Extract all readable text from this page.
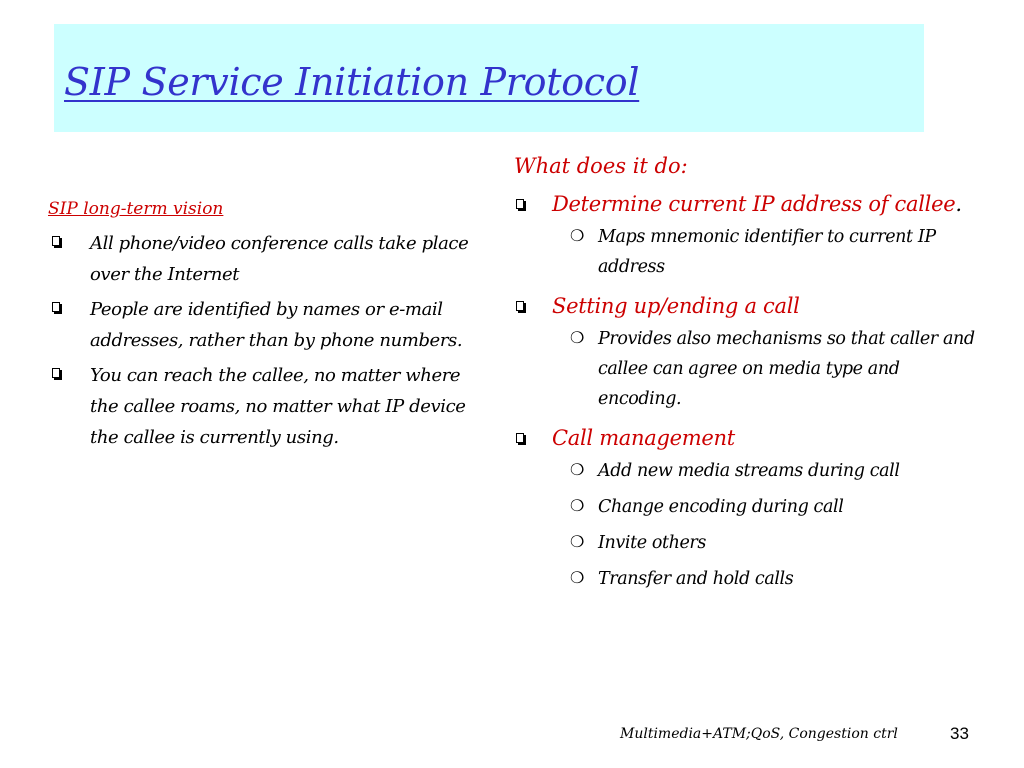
SIP Service Initiation Protocol
SIP long-term vision
All phone/video conference calls take place over the Internet
People are identified by names or e-mail addresses, rather than by phone numbers.
You can reach the callee, no matter where the callee roams, no matter what IP device the callee is currently using.
What does it do:
Determine current IP address of callee.
❍ Maps mnemonic identifier to current IP address
Setting up/ending a call
❍ Provides also mechanisms so that caller and callee can agree on media type and encoding.
Call management
❍ Add new media streams during call
❍ Change encoding during call
❍ Invite others
❍ Transfer and hold calls
Multimedia+ATM;QoS, Congestion ctrl	33
